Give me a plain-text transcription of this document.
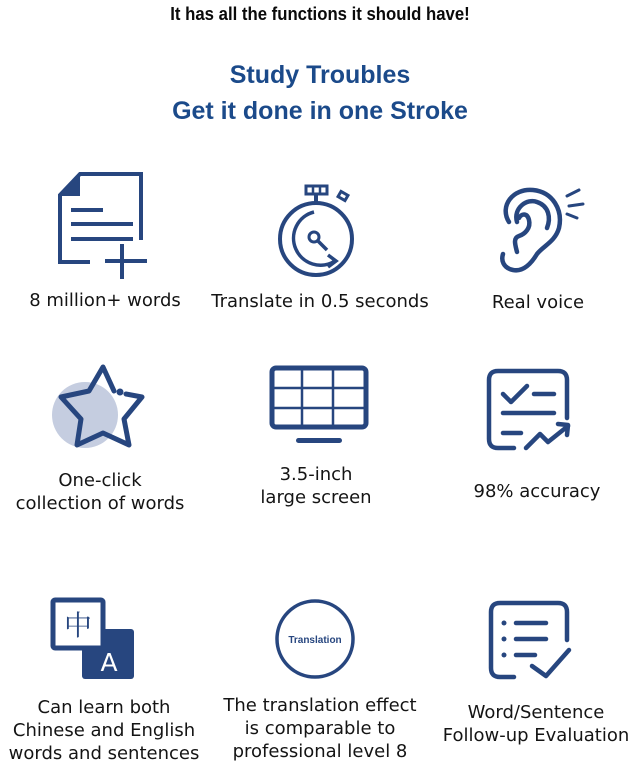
It has all the functions it should have!
Study Troubles
Get it done in one Stroke
8 million+ words	Translate in 0.5 seconds	Real voice
One-click
collection of words
3.5-inch
large screen	98% accuracy
中
A
Can learn both
Chinese and English
words and sentences
Translation
The translation effect
is comparable to
professional level 8
Word/Sentence
Follow-up Evaluation
